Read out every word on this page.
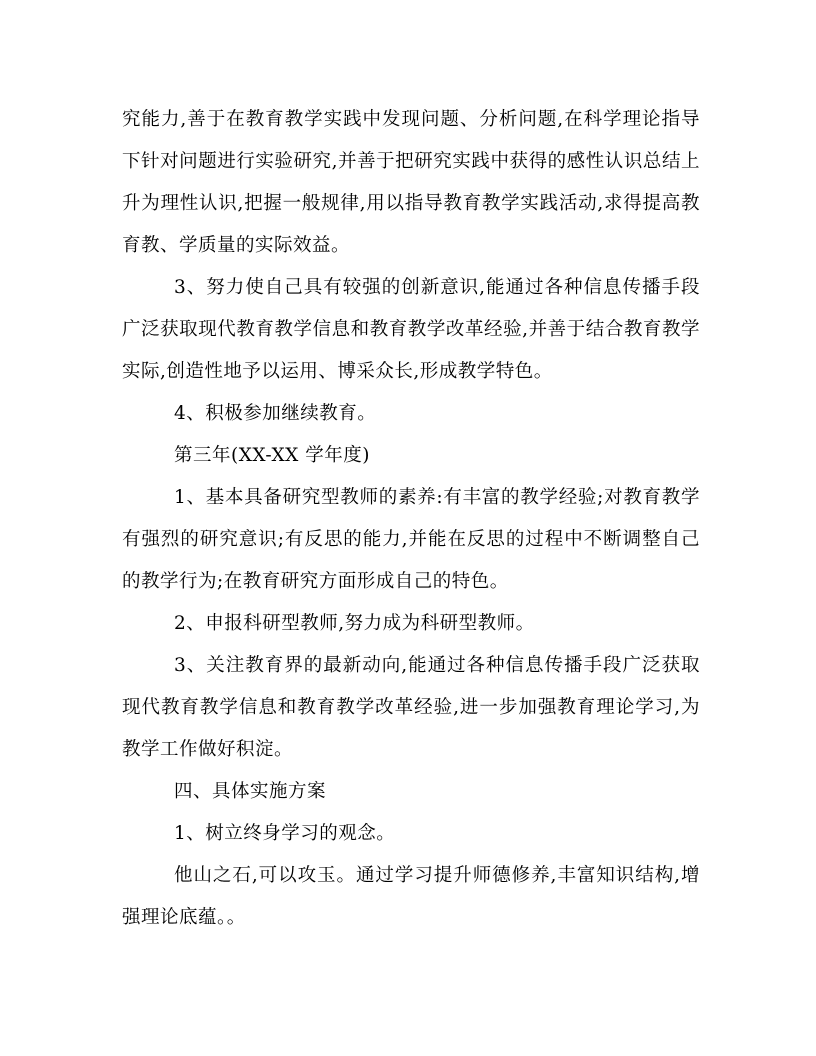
究能力,善于在教育教学实践中发现问题、分析问题,在科学理论指导下针对问题进行实验研究,并善于把研究实践中获得的感性认识总结上升为理性认识,把握一般规律,用以指导教育教学实践活动,求得提高教育教、学质量的实际效益。

3、努力使自己具有较强的创新意识,能通过各种信息传播手段广泛获取现代教育教学信息和教育教学改革经验,并善于结合教育教学实际,创造性地予以运用、博采众长,形成教学特色。

4、积极参加继续教育。

第三年(XX-XX 学年度)

1、基本具备研究型教师的素养:有丰富的教学经验;对教育教学有强烈的研究意识;有反思的能力,并能在反思的过程中不断调整自己的教学行为;在教育研究方面形成自己的特色。

2、申报科研型教师,努力成为科研型教师。

3、关注教育界的最新动向,能通过各种信息传播手段广泛获取现代教育教学信息和教育教学改革经验,进一步加强教育理论学习,为教学工作做好积淀。

四、具体实施方案

1、树立终身学习的观念。

他山之石,可以攻玉。通过学习提升师德修养,丰富知识结构,增强理论底蕴。。
